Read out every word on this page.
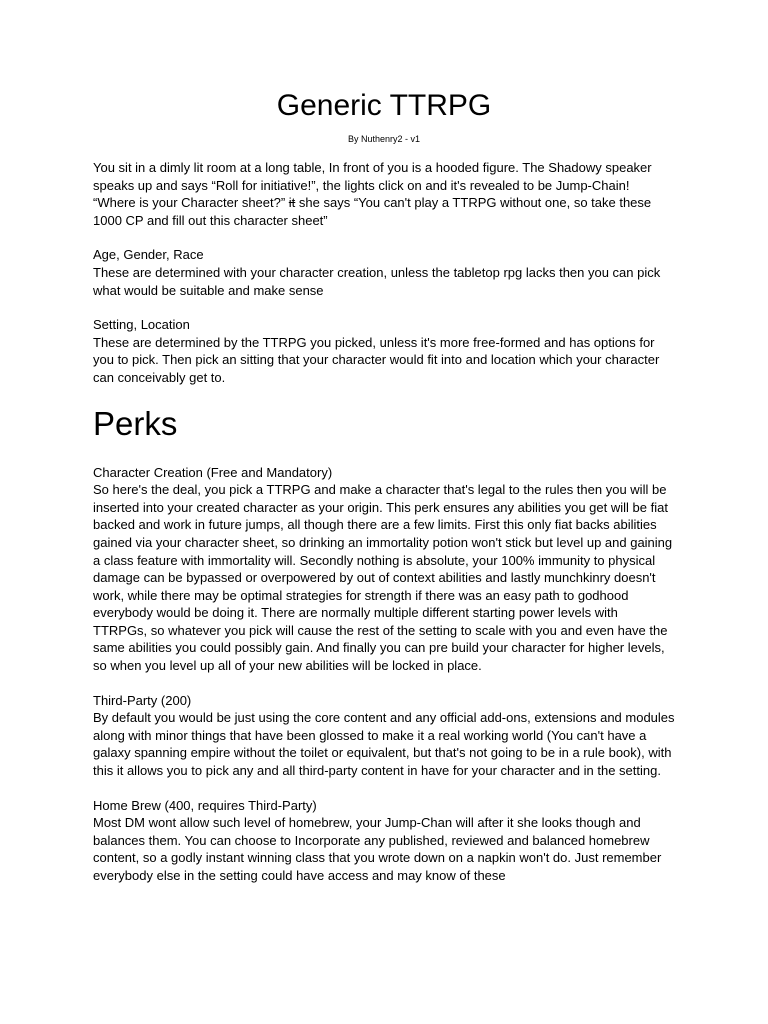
Generic TTRPG
By Nuthenry2 - v1

You sit in a dimly lit room at a long table, In front of you is a hooded figure. The Shadowy speaker speaks up and says “Roll for initiative!”, the lights click on and it's revealed to be Jump-Chain! “Where is your Character sheet?” it she says “You can't play a TTRPG without one, so take these 1000 CP and fill out this character sheet”

Age, Gender, Race

These are determined with your character creation, unless the tabletop rpg lacks then you can pick what would be suitable and make sense

Setting, Location

These are determined by the TTRPG you picked, unless it's more free-formed and has options for you to pick. Then pick an sitting that your character would fit into and location which your character can conceivably get to.

Perks

Character Creation (Free and Mandatory)

So here's the deal, you pick a TTRPG and make a character that's legal to the rules then you will be inserted into your created character as your origin. This perk ensures any abilities you get will be fiat backed and work in future jumps, all though there are a few limits. First this only fiat backs abilities gained via your character sheet, so drinking an immortality potion won't stick but level up and gaining a class feature with immortality will. Secondly nothing is absolute, your 100% immunity to physical damage can be bypassed or overpowered by out of context abilities and lastly munchkinry doesn't work, while there may be optimal strategies for strength if there was an easy path to godhood everybody would be doing it. There are normally multiple different starting power levels with TTRPGs, so whatever you pick will cause the rest of the setting to scale with you and even have the same abilities you could possibly gain. And finally you can pre build your character for higher levels, so when you level up all of your new abilities will be locked in place.

Third-Party (200)

By default you would be just using the core content and any official add-ons, extensions and modules along with minor things that have been glossed to make it a real working world (You can't have a galaxy spanning empire without the toilet or equivalent, but that's not going to be in a rule book), with this it allows you to pick any and all third-party content in have for your character and in the setting.

Home Brew (400, requires Third-Party)

Most DM wont allow such level of homebrew, your Jump-Chan will after it she looks though and balances them. You can choose to Incorporate any published, reviewed and balanced homebrew content, so a godly instant winning class that you wrote down on a napkin won't do. Just remember everybody else in the setting could have access and may know of these
